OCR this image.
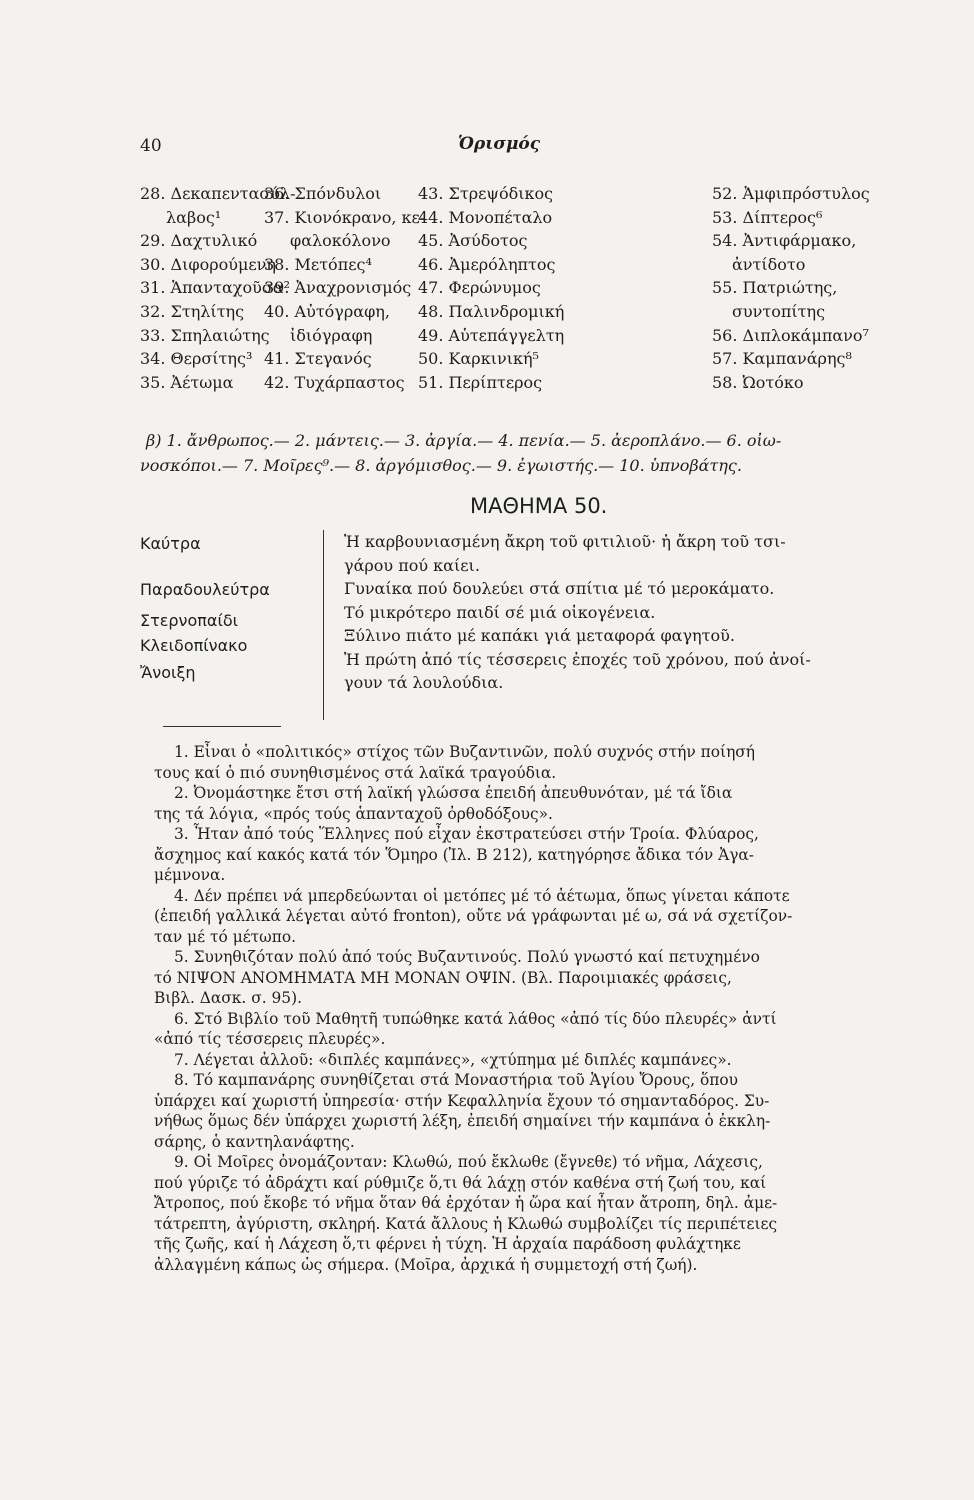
40	Ὁρισμός
28. Δεκαπεντασύλ-
λαβος¹
29. Δαχτυλικό
30. Διφορούμενη
31. Ἁπανταχοῦσα²
32. Στηλίτης
33. Σπηλαιώτης
34. Θερσίτης³
35. Ἀέτωμα
36. Σπόνδυλοι
37. Κιονόκρανο, κε-
φαλοκόλονο
38. Μετόπες⁴
39. Ἀναχρονισμός
40. Αὐτόγραφη,
ἰδιόγραφη
41. Στεγανός
42. Τυχάρπαστος
43. Στρεψόδικος
44. Μονοπέταλο
45. Ἀσύδοτος
46. Ἀμερόληπτος
47. Φερώνυμος
48. Παλινδρομική
49. Αὐτεπάγγελτη
50. Καρκινική⁵
51. Περίπτερος
52. Ἀμφιπρόστυλος
53. Δίπτερος⁶
54. Ἀντιφάρμακο,
ἀντίδοτο
55. Πατριώτης,
συντοπίτης
56. Διπλοκάμπανο⁷
57. Καμπανάρης⁸
58. Ὠοτόκο

β) 1. ἄνθρωπος.— 2. μάντεις.— 3. ἀργία.— 4. πενία.— 5. ἀεροπλάνο.— 6. οἰω-

νοσκόποι.— 7. Μοῖρες⁹.— 8. ἀργόμισθος.— 9. ἐγωιστής.— 10. ὑπνοβάτης.

ΜΑΘΗΜΑ 50.
Καύτρα
Παραδουλεύτρα
Στερνοπαίδι
Κλειδοπίνακο
Ἄνοιξη
Ἡ καρβουνιασμένη ἄκρη τοῦ φιτιλιοῦ· ἡ ἄκρη τοῦ τσι-
γάρου πού καίει.
Γυναίκα πού δουλεύει στά σπίτια μέ τό μεροκάματο.
Τό μικρότερο παιδί σέ μιά οἰκογένεια.
Ξύλινο πιάτο μέ καπάκι γιά μεταφορά φαγητοῦ.
Ἡ πρώτη ἀπό τίς τέσσερεις ἐποχές τοῦ χρόνου, πού ἀνοί-
γουν τά λουλούδια.

1. Εἶναι ὁ «πολιτικός» στίχος τῶν Βυζαντινῶν, πολύ συχνός στήν ποίησή

τους καί ὁ πιό συνηθισμένος στά λαϊκά τραγούδια.

2. Ὀνομάστηκε ἔτσι στή λαϊκή γλώσσα ἐπειδή ἀπευθυνόταν, μέ τά ἴδια

της τά λόγια, «πρός τούς ἁπανταχοῦ ὀρθοδόξους».

3. Ἦταν ἀπό τούς Ἕλληνες πού εἶχαν ἐκστρατεύσει στήν Τροία. Φλύαρος,

ἄσχημος καί κακός κατά τόν Ὅμηρο (Ἰλ. Β 212), κατηγόρησε ἄδικα τόν Ἀγα-

μέμνονα.

4. Δέν πρέπει νά μπερδεύωνται οἱ μετόπες μέ τό ἀέτωμα, ὅπως γίνεται κάποτε

(ἐπειδή γαλλικά λέγεται αὐτό fronton), οὔτε νά γράφωνται μέ ω, σά νά σχετίζον-

ταν μέ τό μέτωπο.

5. Συνηθιζόταν πολύ ἀπό τούς Βυζαντινούς. Πολύ γνωστό καί πετυχημένο

τό ΝΙΨΟΝ ΑΝΟΜΗΜΑΤΑ ΜΗ ΜΟΝΑΝ ΟΨΙΝ. (Βλ. Παροιμιακές φράσεις,

Βιβλ. Δασκ. σ. 95).

6. Στό Βιβλίο τοῦ Μαθητῆ τυπώθηκε κατά λάθος «ἀπό τίς δύο πλευρές» ἀντί

«ἀπό τίς τέσσερεις πλευρές».

7. Λέγεται ἀλλοῦ: «διπλές καμπάνες», «χτύπημα μέ διπλές καμπάνες».

8. Τό καμπανάρης συνηθίζεται στά Μοναστήρια τοῦ Ἁγίου Ὄρους, ὅπου

ὑπάρχει καί χωριστή ὑπηρεσία· στήν Κεφαλληνία ἔχουν τό σημανταδόρος. Συ-

νήθως ὅμως δέν ὑπάρχει χωριστή λέξη, ἐπειδή σημαίνει τήν καμπάνα ὁ ἐκκλη-

σάρης, ὁ καντηλανάφτης.

9. Οἱ Μοῖρες ὀνομάζονταν: Κλωθώ, πού ἔκλωθε (ἔγνεθε) τό νῆμα, Λάχεσις,

πού γύριζε τό ἀδράχτι καί ρύθμιζε ὅ,τι θά λάχῃ στόν καθένα στή ζωή του, καί

Ἄτροπος, πού ἔκοβε τό νῆμα ὅταν θά ἐρχόταν ἡ ὥρα καί ἦταν ἄτροπη, δηλ. ἀμε-

τάτρεπτη, ἀγύριστη, σκληρή. Κατά ἄλλους ἡ Κλωθώ συμβολίζει τίς περιπέτειες

τῆς ζωῆς, καί ἡ Λάχεση ὅ,τι φέρνει ἡ τύχη. Ἡ ἀρχαία παράδοση φυλάχτηκε

ἀλλαγμένη κάπως ὡς σήμερα. (Μοῖρα, ἀρχικά ἡ συμμετοχή στή ζωή).
